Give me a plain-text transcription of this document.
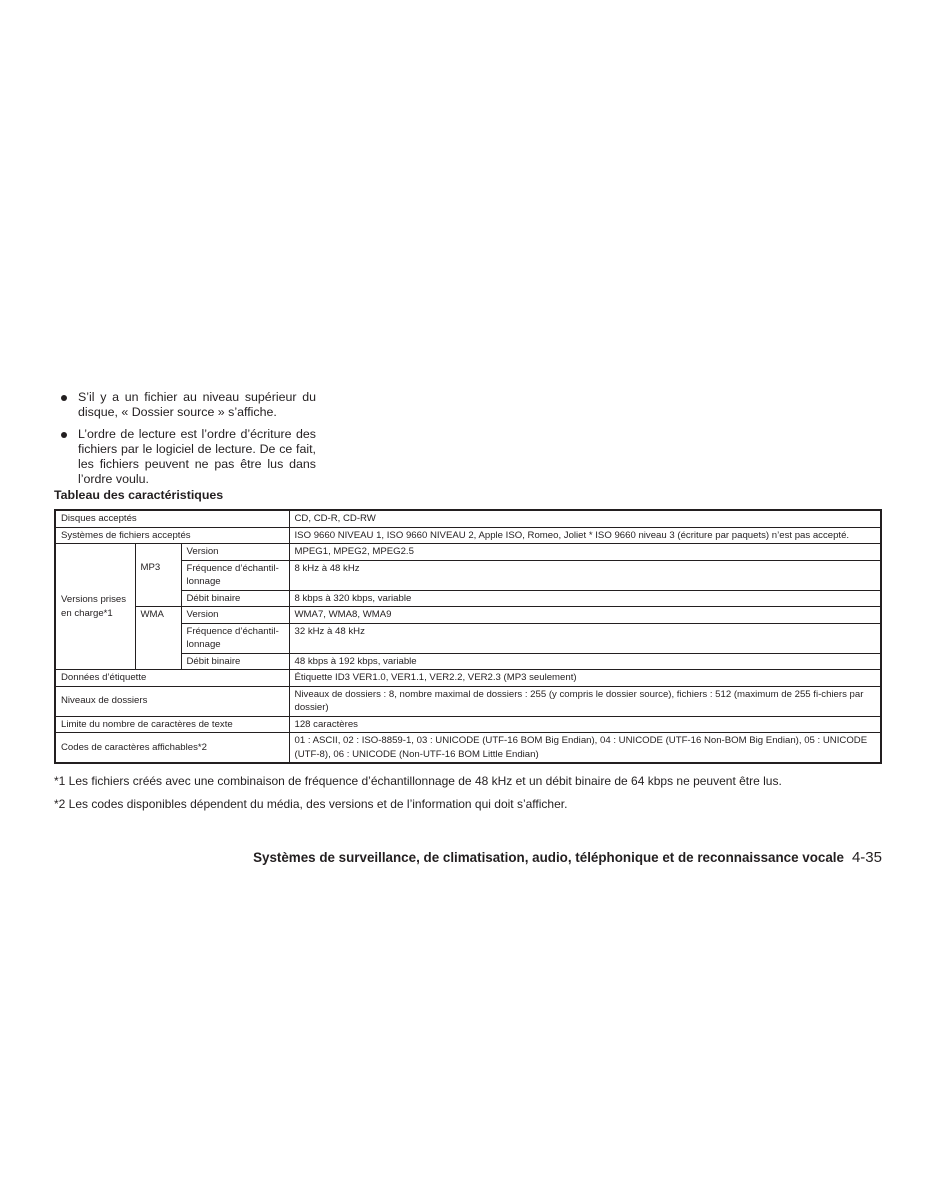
S’il y a un fichier au niveau supérieur du disque, « Dossier source » s’affiche.
L’ordre de lecture est l’ordre d’écriture des fichiers par le logiciel de lecture. De ce fait, les fichiers peuvent ne pas être lus dans l’ordre voulu.
Tableau des caractéristiques
Disques acceptés			CD, CD-R, CD-RW
Systèmes de fichiers acceptés			ISO 9660 NIVEAU 1, ISO 9660 NIVEAU 2, Apple ISO, Romeo, Joliet * ISO 9660 niveau 3 (écriture par paquets) n’est pas accepté.
Versions prises en charge*1	MP3	Version	MPEG1, MPEG2, MPEG2.5
		Fréquence d’échantil-lonnage	8 kHz à 48 kHz
		Débit binaire	8 kbps à 320 kbps, variable
	WMA	Version	WMA7, WMA8, WMA9
		Fréquence d’échantil-lonnage	32 kHz à 48 kHz
		Débit binaire	48 kbps à 192 kbps, variable
Données d’étiquette			Étiquette ID3 VER1.0, VER1.1, VER2.2, VER2.3 (MP3 seulement)
Niveaux de dossiers			Niveaux de dossiers : 8, nombre maximal de dossiers : 255 (y compris le dossier source), fichiers : 512 (maximum de 255 fi-chiers par dossier)
Limite du nombre de caractères de texte			128 caractères
Codes de caractères affichables*2			01 : ASCII, 02 : ISO-8859-1, 03 : UNICODE (UTF-16 BOM Big Endian), 04 : UNICODE (UTF-16 Non-BOM Big Endian), 05 : UNICODE (UTF-8), 06 : UNICODE (Non-UTF-16 BOM Little Endian)
*1 Les fichiers créés avec une combinaison de fréquence d’échantillonnage de 48 kHz et un débit binaire de 64 kbps ne peuvent être lus.
*2 Les codes disponibles dépendent du média, des versions et de l’information qui doit s’afficher.
Systèmes de surveillance, de climatisation, audio, téléphonique et de reconnaissance vocale 4-35
